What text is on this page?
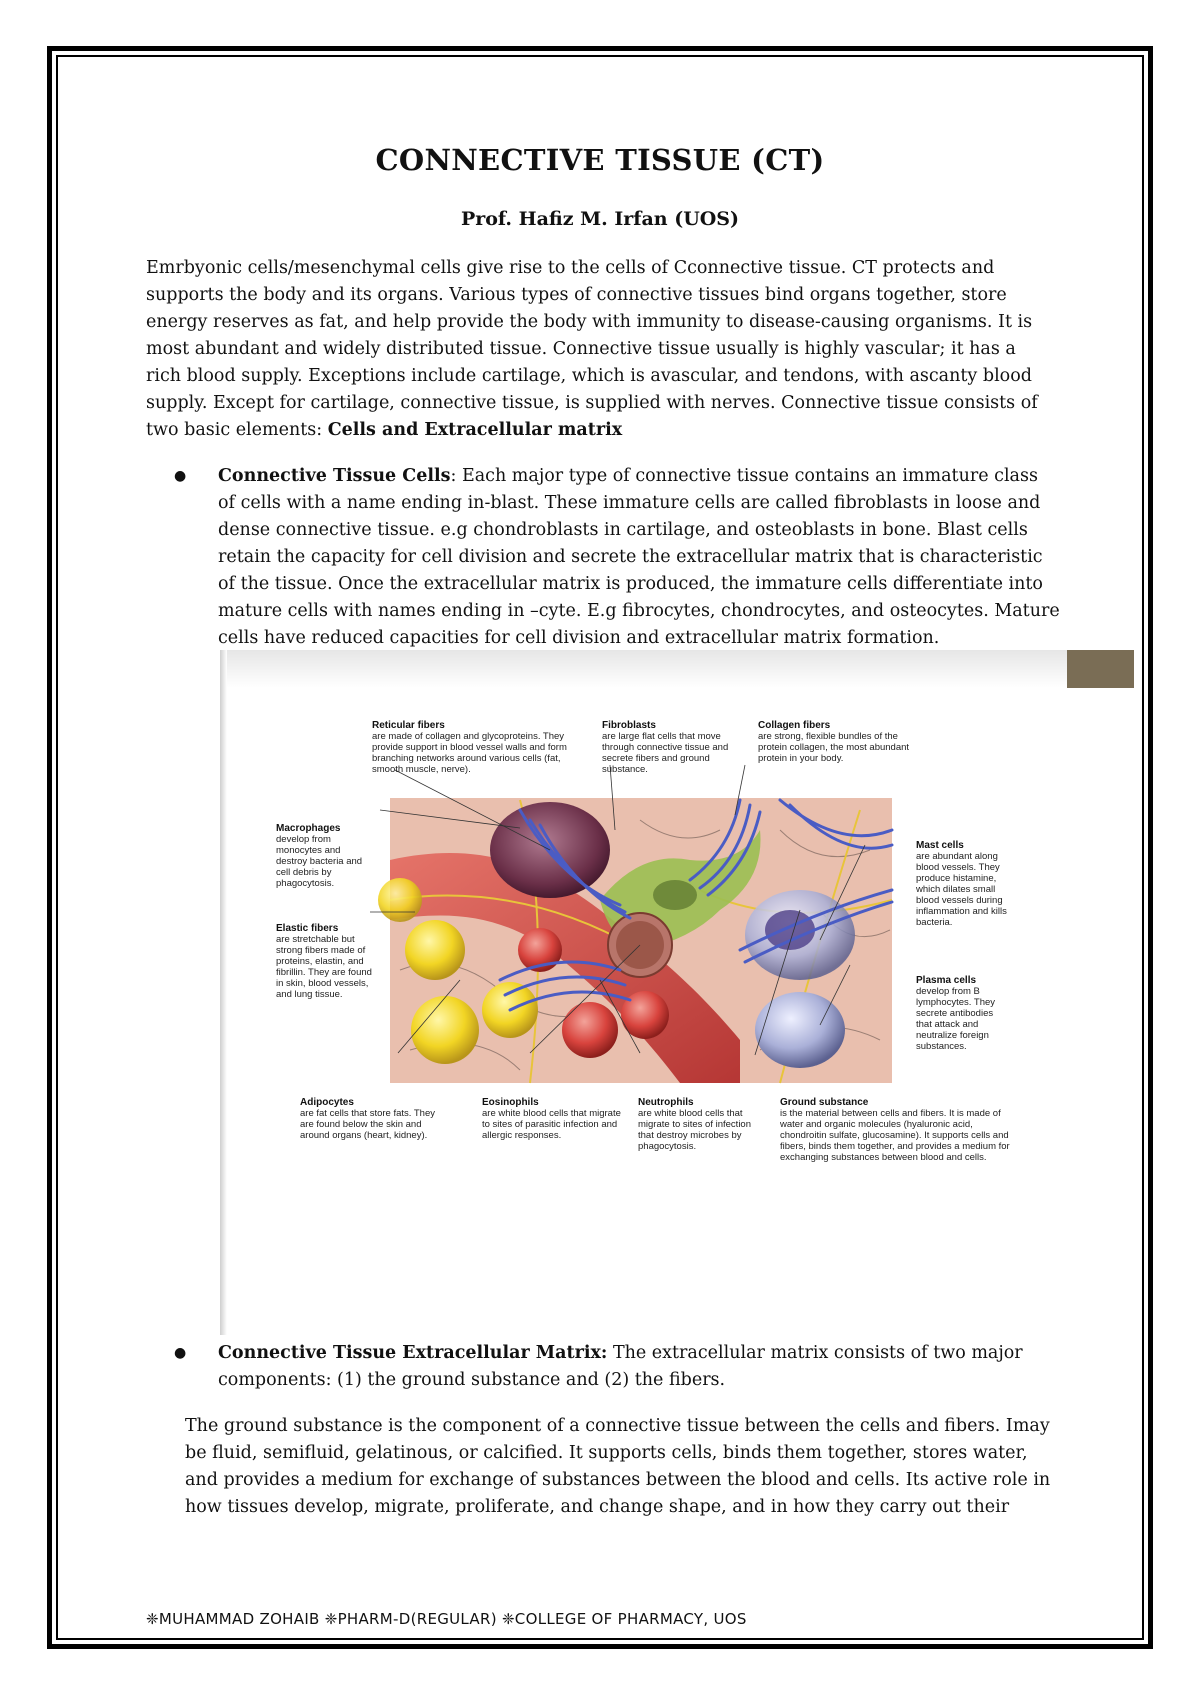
CONNECTIVE TISSUE (CT)
Prof. Hafiz M. Irfan (UOS)
Emrbyonic cells/mesenchymal cells give rise to the cells of Cconnective tissue. CT protects and supports the body and its organs. Various types of connective tissues bind organs together, store energy reserves as fat, and help provide the body with immunity to disease-causing organisms. It is most abundant and widely distributed tissue. Connective tissue usually is highly vascular; it has a rich blood supply. Exceptions include cartilage, which is avascular, and tendons, with ascanty blood supply. Except for cartilage, connective tissue, is supplied with nerves. Connective tissue consists of two basic elements: Cells and Extracellular matrix
● Connective Tissue Cells: Each major type of connective tissue contains an immature class of cells with a name ending in-blast. These immature cells are called fibroblasts in loose and dense connective tissue. e.g chondroblasts in cartilage, and osteoblasts in bone. Blast cells retain the capacity for cell division and secrete the extracellular matrix that is characteristic of the tissue. Once the extracellular matrix is produced, the immature cells differentiate into mature cells with names ending in –cyte. E.g fibrocytes, chondrocytes, and osteocytes. Mature cells have reduced capacities for cell division and extracellular matrix formation.
Reticular fibers
are made of collagen and glycoproteins. They provide support in blood vessel walls and form branching networks around various cells (fat, smooth muscle, nerve).
Fibroblasts
are large flat cells that move through connective tissue and secrete fibers and ground substance.
Collagen fibers
are strong, flexible bundles of the protein collagen, the most abundant protein in your body.
Macrophages
develop from monocytes and destroy bacteria and cell debris by phagocytosis.
Mast cells
are abundant along blood vessels. They produce histamine, which dilates small blood vessels during inflammation and kills bacteria.
Elastic fibers
are stretchable but strong fibers made of proteins, elastin, and fibrillin. They are found in skin, blood vessels, and lung tissue.
Plasma cells
develop from B lymphocytes. They secrete antibodies that attack and neutralize foreign substances.
Adipocytes
are fat cells that store fats. They are found below the skin and around organs (heart, kidney).
Eosinophils
are white blood cells that migrate to sites of parasitic infection and allergic responses.
Neutrophils
are white blood cells that migrate to sites of infection that destroy microbes by phagocytosis.
Ground substance
is the material between cells and fibers. It is made of water and organic molecules (hyaluronic acid, chondroitin sulfate, glucosamine). It supports cells and fibers, binds them together, and provides a medium for exchanging substances between blood and cells.
● Connective Tissue Extracellular Matrix: The extracellular matrix consists of two major components: (1) the ground substance and (2) the fibers.
The ground substance is the component of a connective tissue between the cells and fibers. Imay be fluid, semifluid, gelatinous, or calcified. It supports cells, binds them together, stores water, and provides a medium for exchange of substances between the blood and cells. Its active role in how tissues develop, migrate, proliferate, and change shape, and in how they carry out their
❈MUHAMMAD ZOHAIB ❈PHARM-D(REGULAR) ❈COLLEGE OF PHARMACY, UOS
